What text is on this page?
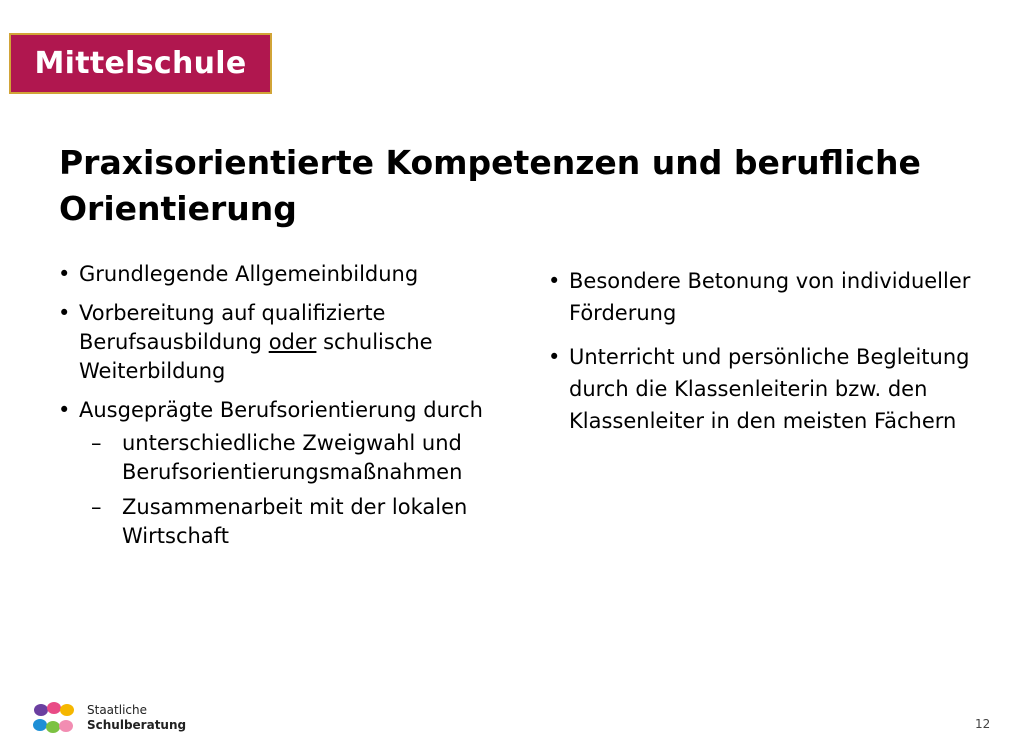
Mittelschule
Praxisorientierte Kompetenzen und berufliche Orientierung
• Grundlegende Allgemeinbildung
• Vorbereitung auf qualifizierte Berufsausbildung oder schulische Weiterbildung
• Ausgeprägte Berufsorientierung durch
– unterschiedliche Zweigwahl und Berufsorientierungsmaßnahmen
– Zusammenarbeit mit der lokalen Wirtschaft
• Besondere Betonung von individueller Förderung
• Unterricht und persönliche Begleitung durch die Klassenleiterin bzw. den Klassenleiter in den meisten Fächern
Staatliche
Schulberatung	12
